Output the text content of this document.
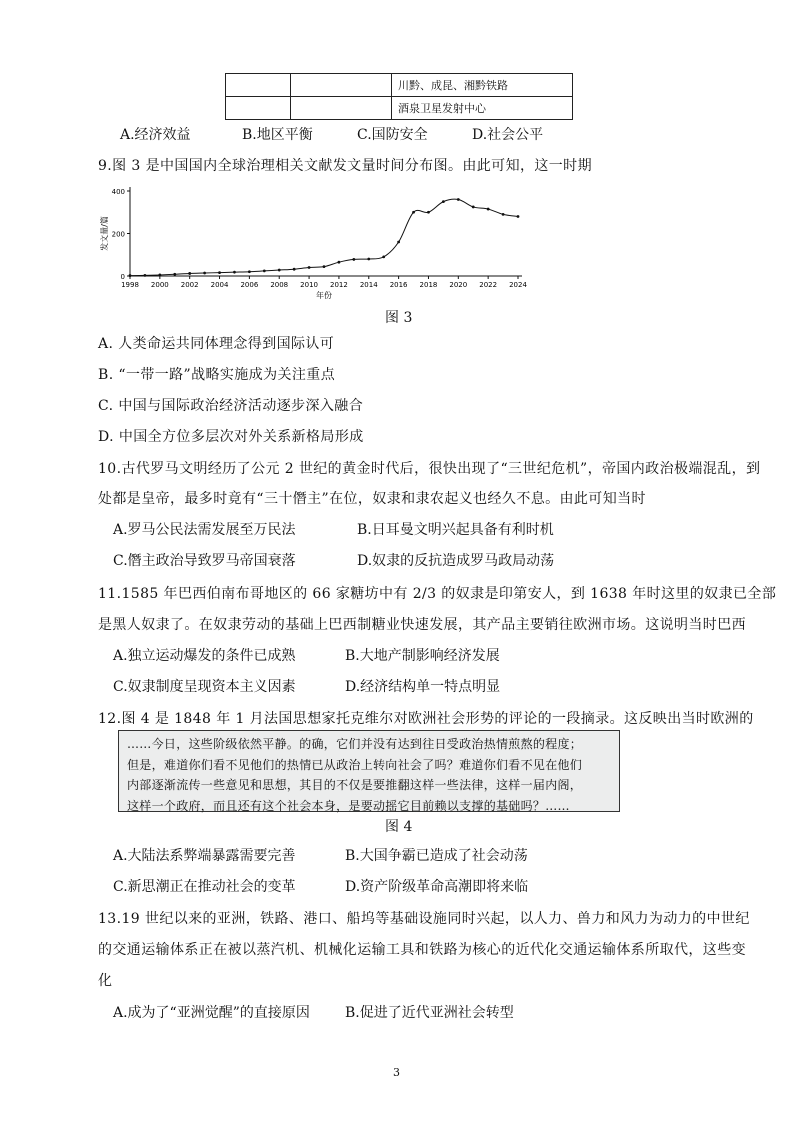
		川黔、成昆、湘黔铁路
		酒泉卫星发射中心
A.经济效益	B.地区平衡	C.国防安全	D.社会公平
9.图 3 是中国国内全球治理相关文献发文量时间分布图。由此可知，这一时期
0
200
400
1998 2000 2002 2004 2006 2008 2010 2012 2014 2016 2018 2020 2022 2024
年份
发文量/篇
图 3
A. 人类命运共同体理念得到国际认可
B. “一带一路”战略实施成为关注重点
C. 中国与国际政治经济活动逐步深入融合
D. 中国全方位多层次对外关系新格局形成
10.古代罗马文明经历了公元 2 世纪的黄金时代后，很快出现了“三世纪危机”，帝国内政治极端混乱，到
处都是皇帝，最多时竟有“三十僭主”在位，奴隶和隶农起义也经久不息。由此可知当时
A.罗马公民法需发展至万民法	B.日耳曼文明兴起具备有利时机
C.僭主政治导致罗马帝国衰落	D.奴隶的反抗造成罗马政局动荡
11.1585 年巴西伯南布哥地区的 66 家糖坊中有 2/3 的奴隶是印第安人，到 1638 年时这里的奴隶已全部
是黑人奴隶了。在奴隶劳动的基础上巴西制糖业快速发展，其产品主要销往欧洲市场。这说明当时巴西
A.独立运动爆发的条件已成熟	B.大地产制影响经济发展
C.奴隶制度呈现资本主义因素	D.经济结构单一特点明显
12.图 4 是 1848 年 1 月法国思想家托克维尔对欧洲社会形势的评论的一段摘录。这反映出当时欧洲的
……今日，这些阶级依然平静。的确，它们并没有达到往日受政治热情煎熬的程度；
但是，难道你们看不见他们的热情已从政治上转向社会了吗？难道你们看不见在他们
内部逐渐流传一些意见和思想，其目的不仅是要推翻这样一些法律，这样一届内阁，
这样一个政府，而且还有这个社会本身，是要动摇它目前赖以支撑的基础吗？……
图 4
A.大陆法系弊端暴露需要完善	B.大国争霸已造成了社会动荡
C.新思潮正在推动社会的变革	D.资产阶级革命高潮即将来临
13.19 世纪以来的亚洲，铁路、港口、船坞等基础设施同时兴起，以人力、兽力和风力为动力的中世纪
的交通运输体系正在被以蒸汽机、机械化运输工具和铁路为核心的近代化交通运输体系所取代，这些变
化
A.成为了“亚洲觉醒”的直接原因	B.促进了近代亚洲社会转型
3
